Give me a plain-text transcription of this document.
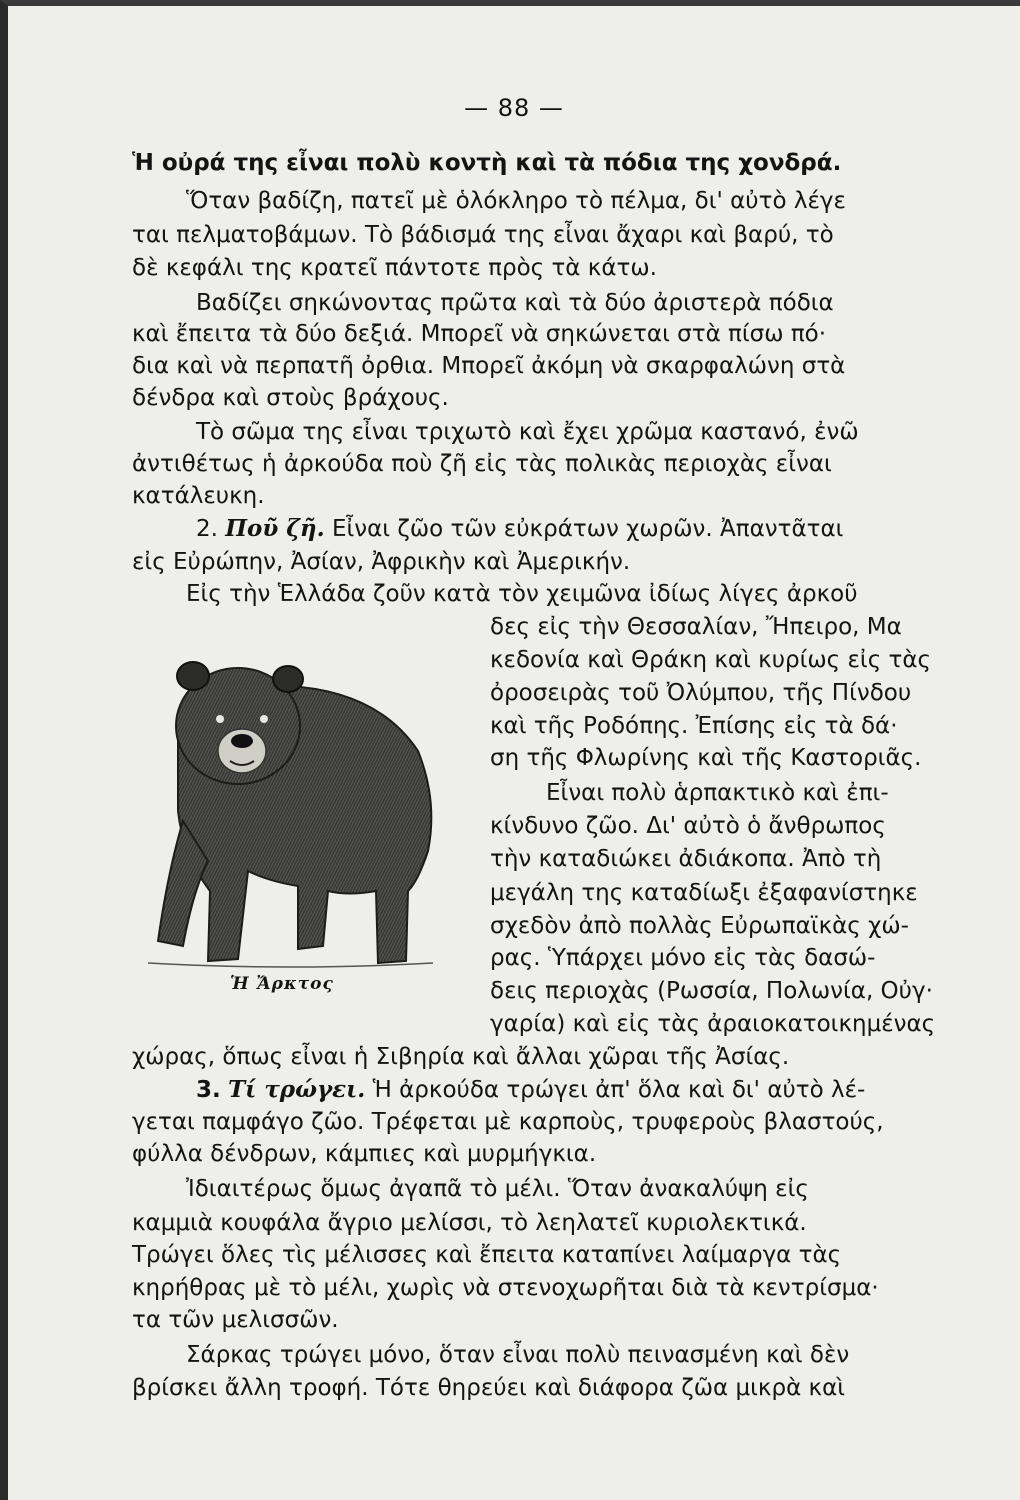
— 88 —
Ἡ οὐρά της εἶναι πολὺ κοντὴ καὶ τὰ πόδια της χονδρά.
Ὅταν βαδίζη, πατεῖ μὲ ὁλόκληρο τὸ πέλμα, δι' αὐτὸ λέγε
ται πελματοβάμων. Τὸ βάδισμά της εἶναι ἄχαρι καὶ βαρύ, τὸ
δὲ κεφάλι της κρατεῖ πάντοτε πρὸς τὰ κάτω.
Βαδίζει σηκώνοντας πρῶτα καὶ τὰ δύο ἀριστερὰ πόδια
καὶ ἔπειτα τὰ δύο δεξιά. Μπορεῖ νὰ σηκώνεται στὰ πίσω πό·
δια καὶ νὰ περπατῆ ὀρθια. Μπορεῖ ἀκόμη νὰ σκαρφαλώνη στὰ
δένδρα καὶ στοὺς βράχους.
Τὸ σῶμα της εἶναι τριχωτὸ καὶ ἔχει χρῶμα καστανό, ἐνῶ
ἀντιθέτως ἡ ἀρκούδα ποὺ ζῆ εἰς τὰς πολικὰς περιοχὰς εἶναι
κατάλευκη.
2. Ποῦ ζῆ. Εἶναι ζῶο τῶν εὐκράτων χωρῶν. Ἀπαντᾶται
εἰς Εὐρώπην, Ἀσίαν, Ἀφρικὴν καὶ Ἀμερικήν.
Εἰς τὴν Ἑλλάδα ζοῦν κατὰ τὸν χειμῶνα ἰδίως λίγες ἀρκοῦ
δες εἰς τὴν Θεσσαλίαν, Ἤπειρο, Μα
κεδονία καὶ Θράκη καὶ κυρίως εἰς τὰς
ὀροσειρὰς τοῦ Ὀλύμπου, τῆς Πίνδου
καὶ τῆς Ροδόπης. Ἐπίσης εἰς τὰ δά·
ση τῆς Φλωρίνης καὶ τῆς Καστοριᾶς.
Εἶναι πολὺ ἁρπακτικὸ καὶ ἐπι-
κίνδυνο ζῶο. Δι' αὐτὸ ὁ ἄνθρωπος
τὴν καταδιώκει ἀδιάκοπα. Ἀπὸ τὴ
μεγάλη της καταδίωξι ἐξαφανίστηκε
σχεδὸν ἀπὸ πολλὰς Εὐρωπαϊκὰς χώ-
ρας. Ὑπάρχει μόνο εἰς τὰς δασώ-
δεις περιοχὰς (Ρωσσία, Πολωνία, Οὐγ·
γαρία) καὶ εἰς τὰς ἀραιοκατοικημένας
Ἡ Ἄρκτος
χώρας, ὅπως εἶναι ἡ Σιβηρία καὶ ἄλλαι χῶραι τῆς Ἀσίας.
3. Τί τρώγει. Ἡ ἀρκούδα τρώγει ἀπ' ὅλα καὶ δι' αὐτὸ λέ-
γεται παμφάγο ζῶο. Τρέφεται μὲ καρποὺς, τρυφεροὺς βλαστούς,
φύλλα δένδρων, κάμπιες καὶ μυρμήγκια.
Ἰδιαιτέρως ὅμως ἀγαπᾶ τὸ μέλι. Ὅταν ἀνακαλύψη εἰς
καμμιὰ κουφάλα ἄγριο μελίσσι, τὸ λεηλατεῖ κυριολεκτικά.
Τρώγει ὅλες τὶς μέλισσες καὶ ἔπειτα καταπίνει λαίμαργα τὰς
κηρήθρας μὲ τὸ μέλι, χωρὶς νὰ στενοχωρῆται διὰ τὰ κεντρίσμα·
τα τῶν μελισσῶν.
Σάρκας τρώγει μόνο, ὅταν εἶναι πολὺ πεινασμένη καὶ δὲν
βρίσκει ἄλλη τροφή. Τότε θηρεύει καὶ διάφορα ζῶα μικρὰ καὶ
